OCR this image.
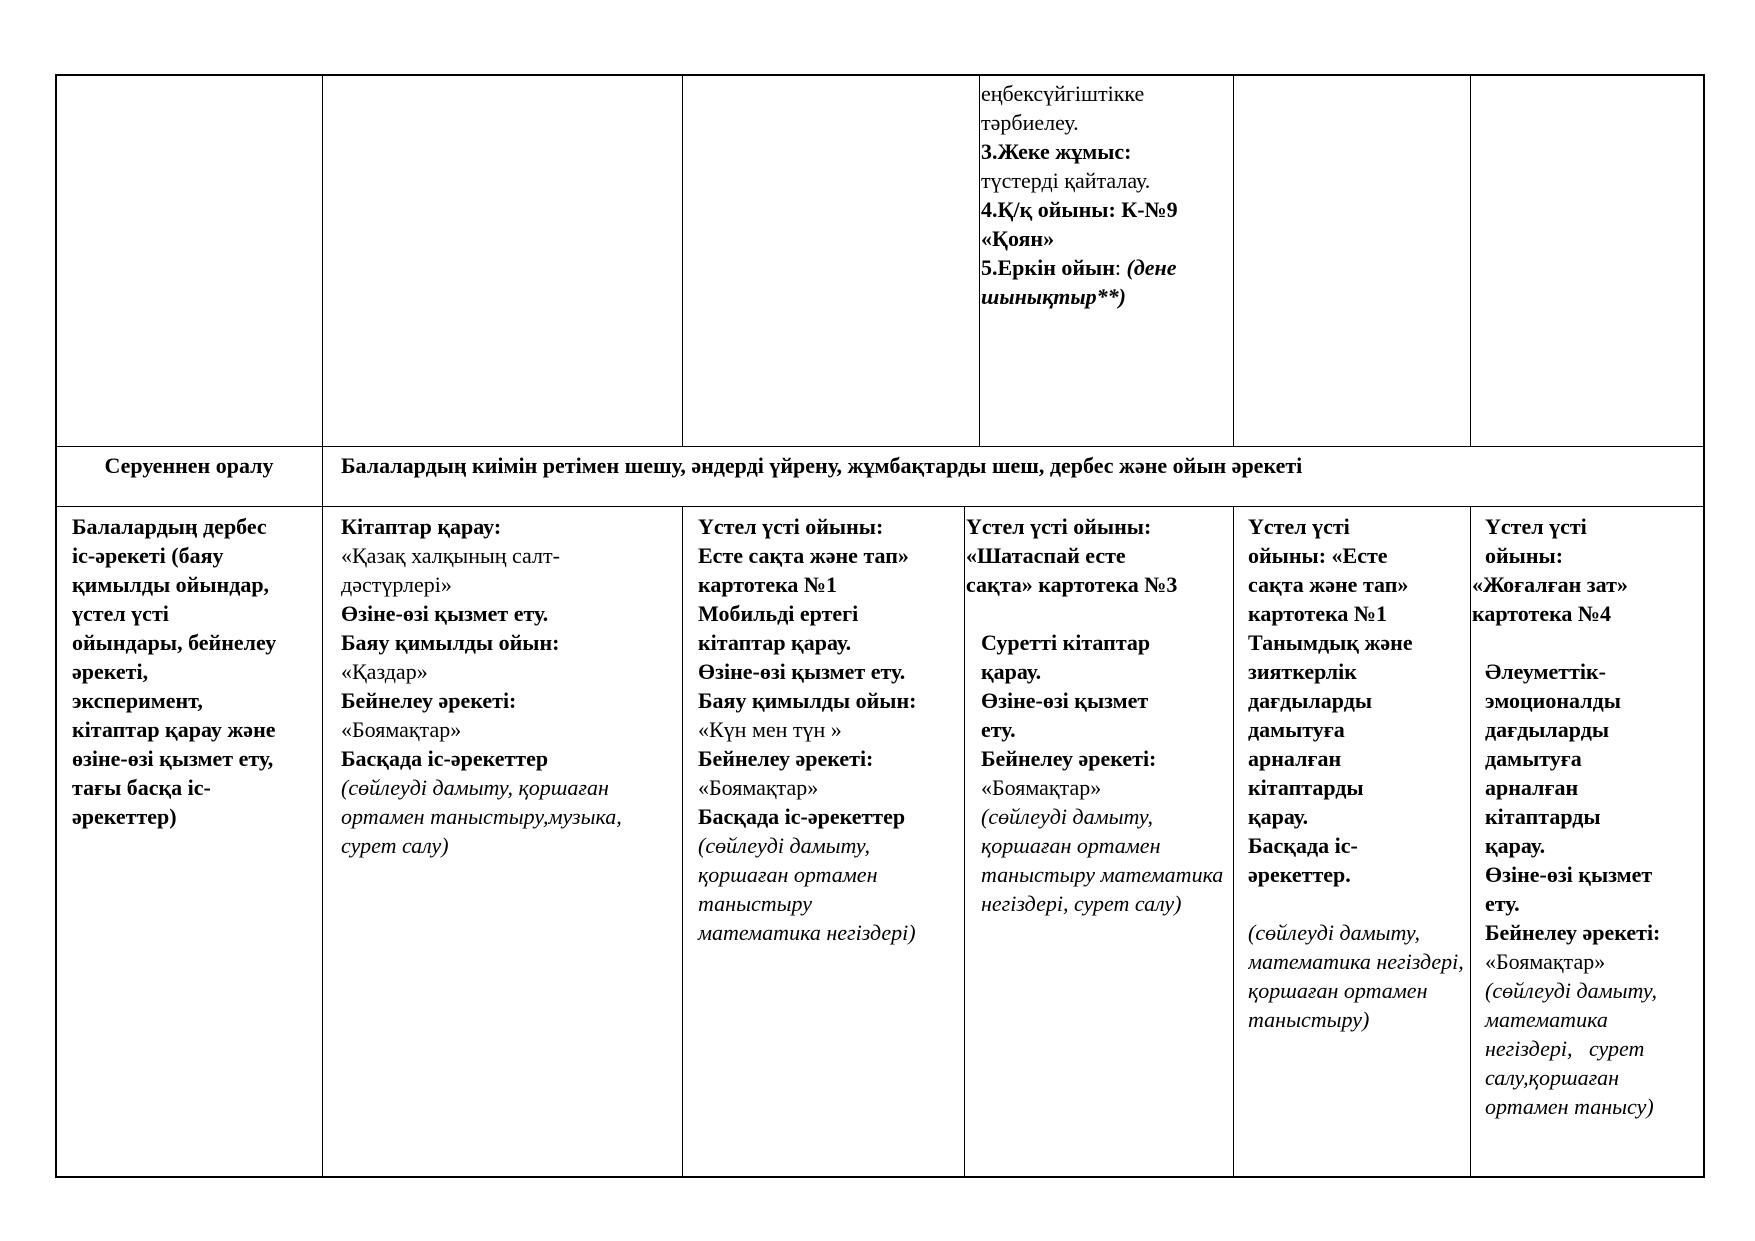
еңбексүйгіштікке
тәрбиелеу.
3.Жеке жұмыс:
түстерді қайталау.
4.Қ/қ ойыны: К-№9
«Қоян»
5.Еркін ойын: (дене
шынықтыр**)
Серуеннен оралу	Балалардың киімін ретімен шешу, әндерді үйрену, жұмбақтарды шеш, дербес және ойын әрекеті
Балалардың дербес
іс-әрекеті (баяу
қимылды ойындар,
үстел үсті
ойындары, бейнелеу
әрекеті,
эксперимент,
кітаптар қарау және
өзіне-өзі қызмет ету,
тағы басқа іс-
әрекеттер)
Кітаптар қарау:
«Қазақ халқының салт-
дәстүрлері»
Өзіне-өзі қызмет ету.
Баяу қимылды ойын:
«Қаздар»
Бейнелеу әрекеті:
«Боямақтар»
Басқада іс-әрекеттер
(сөйлеуді дамыту, қоршаған
ортамен таныстыру,музыка,
сурет салу)
Үстел үсті ойыны:
Есте сақта және тап»
картотека №1
Мобильді ертегі
кітаптар қарау.
Өзіне-өзі қызмет ету.
Баяу қимылды ойын:
«Күн мен түн »
Бейнелеу әрекеті:
«Боямақтар»
Басқада іс-әрекеттер
(сөйлеуді дамыту,
қоршаған ортамен
таныстыру
математика негіздері)
Үстел үсті ойыны:
«Шатаспай есте
сақта» картотека №3
Суретті кітаптар
қарау.
Өзіне-өзі қызмет
ету.
Бейнелеу әрекеті:
«Боямақтар»
(сөйлеуді дамыту,
қоршаған ортамен
таныстыру математика
негіздері, сурет салу)
Үстел үсті
ойыны: «Есте
сақта және тап»
картотека №1
Танымдық және
зияткерлік
дағдыларды
дамытуға
арналған
кітаптарды
қарау.
Басқада іс-
әрекеттер.
(сөйлеуді дамыту,
математика негіздері,
қоршаған ортамен
таныстыру)
Үстел үсті
ойыны:
«Жоғалған зат»
картотека №4
Әлеуметтік-
эмоционалды
дағдыларды
дамытуға
арналған
кітаптарды
қарау.
Өзіне-өзі қызмет
ету.
Бейнелеу әрекеті:
«Боямақтар»
(сөйлеуді дамыту,
математика
негіздері,   сурет
салу,қоршаған
ортамен танысу)
